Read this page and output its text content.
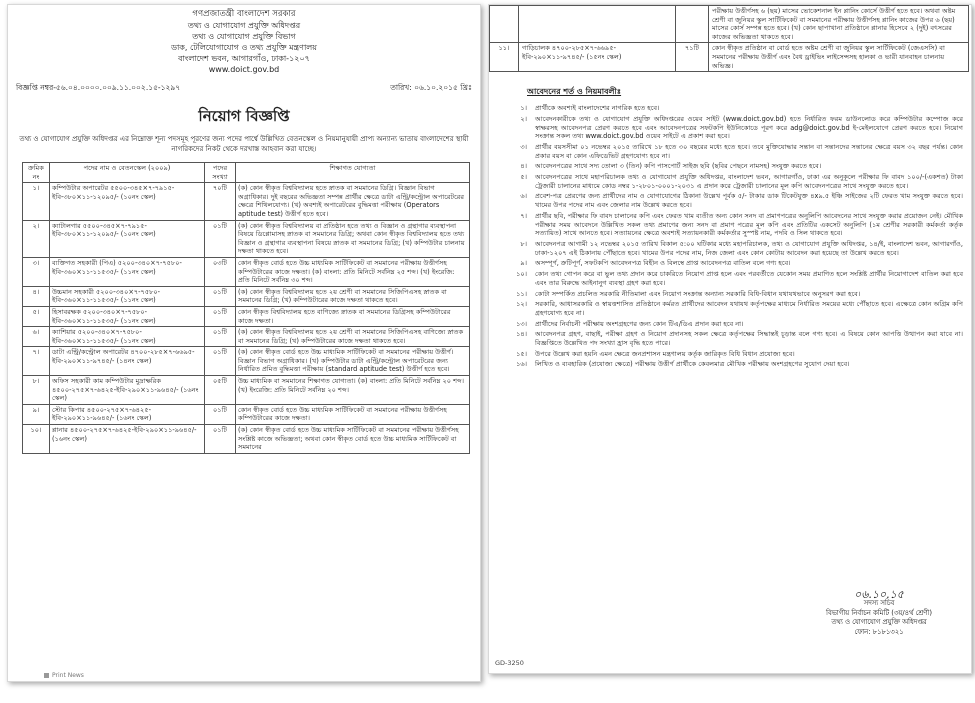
গণপ্রজাতন্ত্রী বাংলাদেশ সরকার
তথ্য ও যোগাযোগ প্রযুক্তি অধিদপ্তর
তথ্য ও যোগাযোগ প্রযুক্তি বিভাগ
ডাক, টেলিযোগাযোগ ও তথ্য প্রযুক্তি মন্ত্রণালয়
বাংলাদেশ ভবন, আগারগাঁও, ঢাকা-১২০৭
www.doict.gov.bd
বিজ্ঞপ্তি নম্বর-৫৬.০৪.০০০০.০০৯.১১.০০২.১৫-১২৯৭	তারিখ: ০৬.১০.২০১৫ খ্রিঃ
নিয়োগ বিজ্ঞপ্তি
তথ্য ও যোগাযোগ প্রযুক্তি অধিদপ্তর এর নিম্নোক্ত শূন্য পদসমূহ পূরণের জন্য পদের পার্শ্বে উল্লিখিত বেতনস্কেল ও নিয়মানুযায়ী প্রাপ্য অন্যান্য ভাতায় বাংলাদেশের স্থায়ী নাগরিকদের নিকট থেকে দরখাস্ত আহবান করা যাচ্ছে।
ক্রমিক নং	পদের নাম ও বেতনস্কেল (২০০৯)	পদের সংখ্যা	শিক্ষাগত যোগ্যতা
১।	কম্পিউটার অপারেটর ৫৫০০-৩৪৫×৭-৭৯১৫-ইবি-৩৮০×১১-১২০৯৫/- (১০নং স্কেল)	৭০টি	(ক) কোন স্বীকৃত বিশ্ববিদ্যালয় হতে স্নাতক বা সমমানের ডিগ্রি। বিজ্ঞান বিভাগ অগ্রাধিকার। দুই বছরের অভিজ্ঞতা সম্পন্ন প্রার্থীর ক্ষেত্রে ডাটা এন্ট্রি/কন্ট্রোল অপারেটরের ক্ষেত্রে শিথিলযোগ্য। (খ) অবশ্যই অপারেটরের বুদ্ধিমত্তা পরীক্ষায় (Operators aptitude test) উত্তীর্ণ হতে হবে।
২।	ক্যাটালগার ৫৫০০-৩৪৫×৭-৭৯১৫-ইবি-৩৮০×১১-১২০৯৫/- (১০নং স্কেল)	০১টি	(ক) কোন স্বীকৃত বিশ্ববিদ্যালয় বা প্রতিষ্ঠান হতে তথ্য ও বিজ্ঞান ও গ্রন্থাগার ব্যবস্থাপনা বিষয়ে ডিপ্লোমাসহ স্নাতক বা সমমানের ডিগ্রি; অথবা কোন স্বীকৃত বিশ্ববিদ্যালয় হতে তথ্য বিজ্ঞান ও গ্রন্থাগার ব্যবস্থাপনা বিষয়ে স্নাতক বা সমমানের ডিগ্রি; (খ) কম্পিউটার চালনায় দক্ষতা থাকতে হবে।
৩।	ব্যক্তিগত সহকারী (পিএ) ৫২০০-৩৪০×৭-৭৫৮০-ইবি-৩৬০×১১-১১৫৩৫/- (১১নং স্কেল)	০৩টি	কোন স্বীকৃত বোর্ড হতে উচ্চ মাধ্যমিক সার্টিফিকেট বা সমমানের পরীক্ষায় উত্তীর্ণসহ কম্পিউটারের কাজে দক্ষতা। (ক) বাংলা: প্রতি মিনিটে সর্বনিম্ন ২৫ শব্দ। (খ) ইংরেজি: প্রতি মিনিটে সর্বনিম্ন ৩০ শব্দ।
৪।	উচ্চমান সহকারী ৫২০০-৩৪০×৭-৭৫৮০-ইবি-৩৬০×১১-১১৫৩৫/- (১১নং স্কেল)	০১টি	(ক) কোন স্বীকৃত বিশ্ববিদ্যালয় হতে ২য় শ্রেণী বা সমমানের সিজিপিএসহ স্নাতক বা সমমানের ডিগ্রি; (খ) কম্পিউটারের কাজে দক্ষতা থাকতে হবে।
৫।	হিসাবরক্ষক ৫২০০-৩৪০×৭-৭৫৮০-ইবি-৩৬০×১১-১১৫৩৫/- (১১নং স্কেল)	০১টি	কোন স্বীকৃত বিশ্ববিদ্যালয় হতে বাণিজ্যে স্নাতক বা সমমানের ডিগ্রিসহ কম্পিউটারের কাজে দক্ষতা।
৬।	ক্যাশিয়ার ৫২০০-৩৪০×৭-৭৫৮০-ইবি-৩৬০×১১-১১৫৩৫/- (১১নং স্কেল)	০১টি	(ক) কোন স্বীকৃত বিশ্ববিদ্যালয় হতে ২য় শ্রেণী বা সমমানের সিজিপিএসহ বাণিজ্যে স্নাতক বা সমমানের ডিগ্রি; (খ) কম্পিউটারের কাজে দক্ষতা থাকতে হবে।
৭।	ডাটা এন্ট্রি/কন্ট্রোল অপারেটর ৪৭০০-২৮৫×৭-৬৬৯৫-ইবি-২৯০×১১-৯৭৪৫/- (১৪নং স্কেল)	০১টি	(ক) কোন স্বীকৃত বোর্ড হতে উচ্চ মাধ্যমিক সার্টিফিকেট বা সমমানের পরীক্ষায় উত্তীর্ণ। বিজ্ঞান বিভাগ অগ্রাধিকার। (খ) কম্পিউটার ডাটা এন্ট্রি/কন্ট্রোল অপারেটরের জন্য নির্ধারিত প্রমিত বুদ্ধিমত্তা পরীক্ষায় (standard aptitude test) উত্তীর্ণ হতে হবে।
৮।	অফিস সহকারী কাম কম্পিউটার মুদ্রাক্ষরিক ৪৫০০-২৭৫×৭-৬৪২৫-ইবি-২৯০×১১-৯৬৪৫/- (১৬নং স্কেল)	০৫টি	উচ্চ মাধ্যমিক বা সমমানের শিক্ষাগত যোগ্যতা। (ক) বাংলা: প্রতি মিনিটে সর্বনিম্ন ২০ শব্দ। (খ) ইংরেজি: প্রতি মিনিটে সর্বনিম্ন ২০ শব্দ।
৯।	স্টোর কিপার ৪৫০০-২৭৫×৭-৬৪২৫-ইবি-২৯০×১১-৯৬৪৫/- (১৬নং স্কেল)	০১টি	কোন স্বীকৃত বোর্ড হতে উচ্চ মাধ্যমিক সার্টিফিকেট বা সমমানের পরীক্ষায় উত্তীর্ণসহ কম্পিউটারের কাজে দক্ষতা।
১০।	প্লানার ৪৫০০-২৭৫×৭-৬৪২৫-ইবি-২৯০×১১-৯৬৪৫/- (১৬নং স্কেল)	০১টি	(ক) কোন স্বীকৃত বোর্ড হতে উচ্চ মাধ্যমিক সার্টিফিকেট বা সমমানের পরীক্ষায় উত্তীর্ণসহ সংশ্লিষ্ট কাজে অভিজ্ঞতা; অথবা কোন স্বীকৃত বোর্ড হতে উচ্চ মাধ্যমিক সার্টিফিকেট বা সমমানের
Print News
			পরীক্ষায় উত্তীর্ণসহ ৬ (ছয়) মাসের ভোকেশনাল ইন প্লানিং কোর্সে উত্তীর্ণ হতে হবে। অথবা অষ্টম শ্রেণী বা জুনিয়র স্কুল সার্টিফিকেট বা সমমানের পরীক্ষায় উত্তীর্ণসহ প্লানিং কাজের উপর ৬ (ছয়) মাসের কোর্স সম্পন্ন হতে হবে। (খ) কোন ছাপাখানা প্রতিষ্ঠানে প্লানার হিসেবে ২ (দুই) বৎসরের কাজের অভিজ্ঞতা থাকতে হবে।
১১।	গাড়িচালক ৪৭০০-২৮৫×৭-৬৬৯৫-ইবি-২৯০×১১-৯৭৪৫/- (১৫নং স্কেল)	৭১টি	কোন স্বীকৃত প্রতিষ্ঠান বা বোর্ড হতে অষ্টম শ্রেণী বা জুনিয়র স্কুল সার্টিফিকেট (জেএসসি) বা সমমানের পরীক্ষায় উত্তীর্ণ এবং বৈধ ড্রাইভিং লাইসেন্সসহ হালকা ও ভারী যানবাহন চালনায় অভিজ্ঞ।
আবেদনের শর্ত ও নিয়মাবলীঃ
১।	প্রার্থীকে অবশ্যই বাংলাদেশের নাগরিক হতে হবে।
২।	আবেদনকারীকে তথ্য ও যোগাযোগ প্রযুক্তি অধিদপ্তরের ওয়েব সাইট (www.doict.gov.bd) হতে নির্ধারিত ফরম ডাউনলোড করে কম্পিউটার কম্পোজ করে স্বাক্ষরসহ আবেদনপত্র প্রেরণ করতে হবে এবং আবেদনপত্রের সফটকপি ইউনিকোডে পূরণ করে adg@doict.gov.bd ই-মেইলযোগে প্রেরণ করতে হবে। নিয়োগ সংক্রান্ত সকল তথ্য www.doict.gov.bd ওয়েব সাইটে এ প্রকাশ করা হবে।
৩।	প্রার্থীর বয়সসীমা ০১ নভেম্বর ২০১৫ তারিখে ১৮ হতে ৩০ বছরের মধ্যে হতে হবে। তবে মুক্তিযোদ্ধার সন্তান বা সন্তানদের সন্তানের ক্ষেত্রে বয়স ৩২ বছর পর্যন্ত। কোন প্রকার বয়স বা কোন এফিডেভিট গ্রহণযোগ্য হবে না।
৪।	আবেদনপত্রের সাথে সদ্য তোলা ৩ (তিন) কপি পাসপোর্ট সাইজ ছবি (ছবির পেছনে নামসহ) সংযুক্ত করতে হবে।
৫।	আবেদনপত্রের সাথে মহাপরিচালক তথ্য ও যোগাযোগ প্রযুক্তি অধিদপ্তর, বাংলাদেশ ভবন, আগারগাঁও, ঢাকা এর অনুকূলে পরীক্ষার ফি বাবদ ১০০/-(একশত) টাকা ট্রেজারী চালানের মাধ্যমে কোড নম্বর ১-২৮০১-০০০১-২০৩১ এ প্রদান করে ট্রেজারী চালানের মূল কপি আবেদনপত্রের সাথে সংযুক্ত করতে হবে।
৬।	প্রবেশ-পত্র প্রেরণের জন্য প্রার্থীদের নাম ও যোগাযোগের ঠিকানা উল্লেখ পূর্বক ৫/- টাকার ডাক টিকেটযুক্ত ৪x৯.৫ ইঞ্চি সাইজের ২টি ফেরত খাম সংযুক্ত করতে হবে। খামের উপর পদের নাম এবং জেলার নাম উল্লেখ করতে হবে।
৭।	প্রার্থীর ছবি, পরীক্ষার ফি বাবদ চালানের কপি এবং ফেরত খাম ব্যতীত অন্য কোন সনদ বা প্রমাণপত্রের অনুলিপি আবেদনের সাথে সংযুক্ত করার প্রয়োজন নেই। মৌখিক পরীক্ষার সময় আবেদনে উল্লিখিত সকল তথ্য প্রমাণের জন্য সনদ বা প্রমাণ পত্রের মূল কপি এবং প্রতিটির একসেট অনুলিপি (১ম শ্রেণীর সরকারী কর্মকর্তা কর্তৃক সত্যায়িত) সাথে আনতে হবে। সত্যায়নের ক্ষেত্রে অবশ্যই সত্যায়নকারী কর্মকর্তার সুস্পষ্ট নাম, পদবি ও সিল থাকতে হবে।
৮।	আবেদনপত্র আগামী ১২ নভেম্বর ২০১৫ তারিখ বিকাল ৫:০০ ঘটিকার মধ্যে মহাপরিচালক, তথ্য ও যোগাযোগ প্রযুক্তি অধিদপ্তর, ১৪/ই, বাংলাদেশ ভবন, আগারগাঁও, ঢাকা-১২০৭ এই ঠিকানায় পৌঁছাতে হবে। খামের উপর পদের নাম, নিজ জেলা এবং কোন কোটায় আবেদন করা হয়েছে তা উল্লেখ করতে হবে।
৯।	অসম্পূর্ণ, ক্রটিপূর্ণ, সফটকপি আবেদনপত্র বিহীন ও বিলম্বে প্রাপ্ত আবেদনপত্র বাতিল বলে গণ্য হবে।
১০।	কোন তথ্য গোপন করে বা ভুল তথ্য প্রদান করে চাকরিতে নিয়োগ প্রাপ্ত হলে এবং পরবর্তীতে যেকোন সময় প্রমাণিত হলে সংশ্লিষ্ট প্রার্থীর নিয়োগাদেশ বাতিল করা হবে এবং তার বিরুদ্ধে আইনানুগ ব্যবস্থা গ্রহণ করা হবে।
১১।	কোটা সম্পর্কিত প্রচলিত সরকারি নীতিমালা এবং নিয়োগ সংক্রান্ত অন্যান্য সরকারি বিধি-বিধান যথাযথভাবে অনুসরণ করা হবে।
১২।	সরকারি, আধাসরকারি ও স্বায়ত্তশাসিত প্রতিষ্ঠানে কর্মরত প্রার্থীদের আবেদন যথাযথ কর্তৃপক্ষের মাধ্যমে নির্ধারিত সময়ের মধ্যে পৌঁছাতে হবে। এক্ষেত্রে কোন অগ্রিম কপি গ্রহণযোগ্য হবে না।
১৩।	প্রার্থীদের নির্বাচনী পরীক্ষায় অংশগ্রহণের জন্য কোন টিএ/ডিএ প্রদান করা হবে না।
১৪।	আবেদনপত্র গ্রহণ, বাছাই, পরীক্ষা গ্রহণ ও নিয়োগ প্রদানসহ সকল ক্ষেত্রে কর্তৃপক্ষের সিদ্ধান্তই চূড়ান্ত বলে গণ্য হবে। এ বিষয়ে কোন আপত্তি উত্থাপন করা যাবে না। বিজ্ঞপ্তিতে উল্লেখিত পদ সংখ্যা হ্রাস বৃদ্ধি হতে পারে।
১৫।	উপরে উল্লেখ করা হয়নি এমন ক্ষেত্রে জনপ্রশাসন মন্ত্রণালয় কর্তৃক জারিকৃত বিধি বিধান প্রযোজ্য হবে।
১৬।	লিখিত ও ব্যবহারিক (প্রযোজ্য ক্ষেত্রে) পরীক্ষায় উত্তীর্ণ প্রার্থীকে কেবলমাত্র মৌখিক পরীক্ষায় অংশগ্রহণের সুযোগ দেয়া হবে।
০৬.১০.১৫
সদস্য সচিব
বিভাগীয় নির্বাচন কমিটি (৩য়/৪র্থ শ্রেণী)
তথ্য ও যোগাযোগ প্রযুক্তি অধিদপ্তর
ফোন: ৮১৮১৩২১
GD-3250
